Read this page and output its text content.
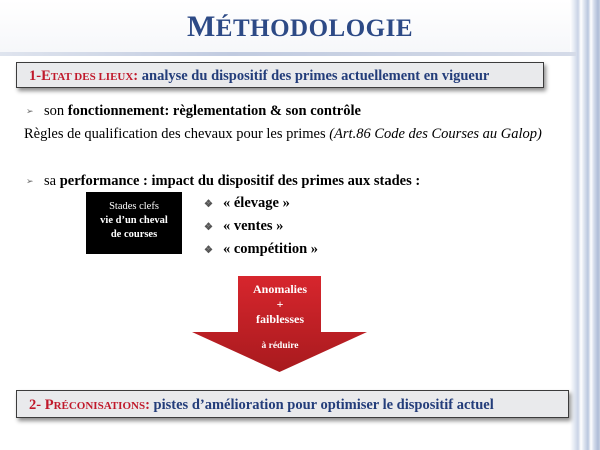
MÉTHODOLOGIE
1-ETAT DES LIEUX: analyse du dispositif des primes actuellement en vigueur
➢ son fonctionnement: règlementation & son contrôle
Règles de qualification des chevaux pour les primes (Art.86 Code des Courses au Galop)
➢ sa performance : impact du dispositif des primes aux stades :
Stades clefs
vie d’un cheval
de courses
❖ « élevage »
❖ « ventes »
❖ « compétition »
Anomalies
+
faiblesses
à réduire
2- PRÉCONISATIONS: pistes d’amélioration pour optimiser le dispositif actuel
